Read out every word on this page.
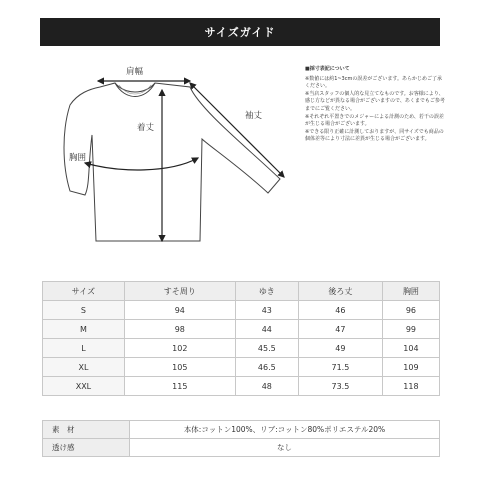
サイズガイド
肩幅
着丈
袖丈
胸囲
■採寸表記について

※数値には約1~3cmの誤差がございます。あらかじめご了承ください。

※当店スタッフの個人的な見立てなものです。お客様により、感じ方などが異なる場合がございますので、あくまでもご参考までにご覧ください。

※それぞれ平置きでのメジャーによる計測のため、若干の誤差が生じる場合がございます。

※できる限り正確に計測しておりますが、同サイズでも商品の個体差等により寸法に差異が生じる場合がございます。

サイズ	すそ周り	ゆき	後ろ丈	胸囲
S	94	43	46	96
M	98	44	47	99
L	102	45.5	49	104
XL	105	46.5	71.5	109
XXL	115	48	73.5	118
素　材	本体:コットン100%、リブ:コットン80%ポリエステル20%
透け感	なし
